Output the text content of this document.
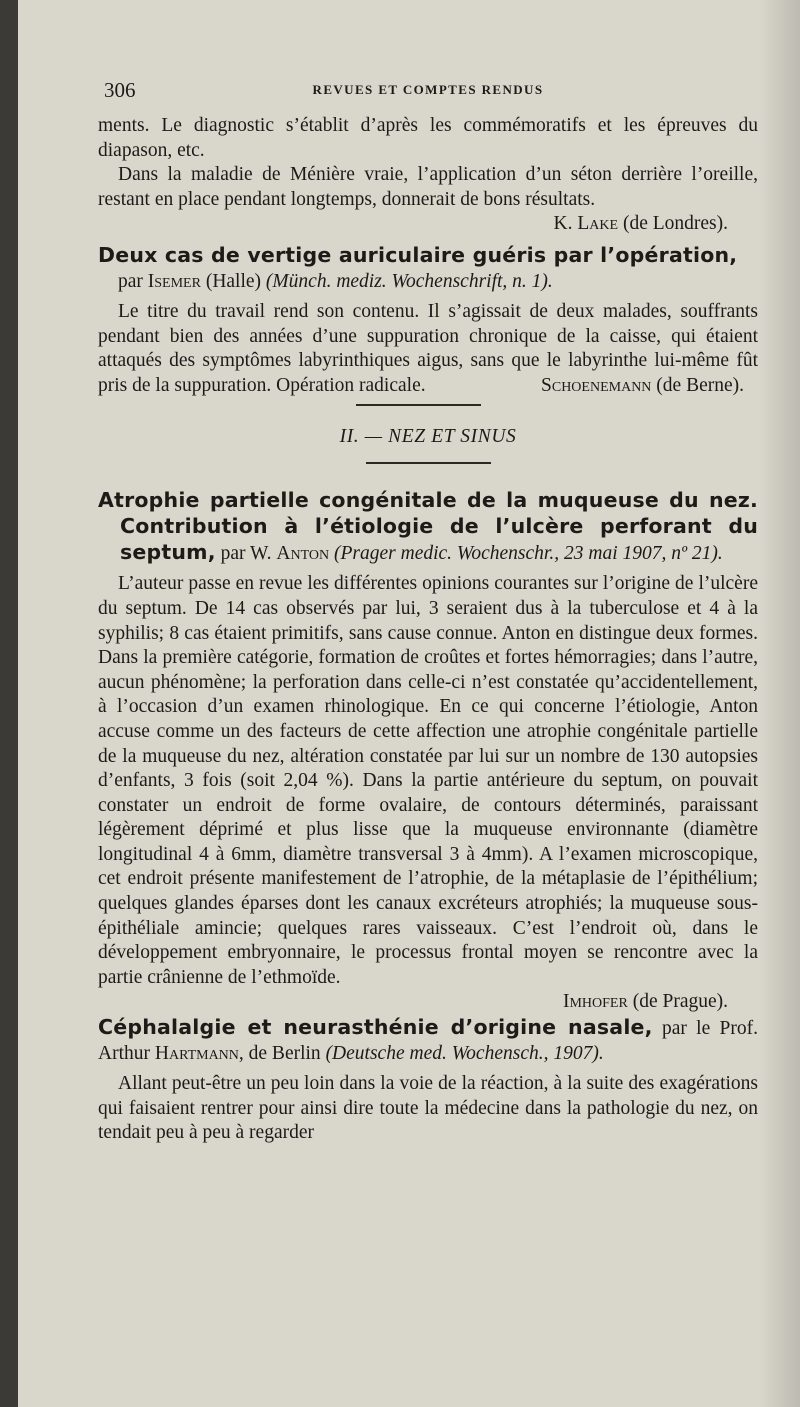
306	REVUES ET COMPTES RENDUS

ments. Le diagnostic s’établit d’après les commémoratifs et les épreuves du diapason, etc.

Dans la maladie de Ménière vraie, l’application d’un séton derrière l’oreille, restant en place pendant longtemps, donnerait de bons résultats.

K. Lake (de Londres).

Deux cas de vertige auriculaire guéris par l’opération,
par Isemer (Halle) (Münch. mediz. Wochenschrift, n. 1).

Le titre du travail rend son contenu. Il s’agissait de deux malades, souffrants pendant bien des années d’une suppuration chronique de la caisse, qui étaient attaqués des symptômes labyrinthiques aigus, sans que le labyrinthe lui-même fût pris de la suppuration. Opération radicale.	Schoenemann (de Berne).

II. — NEZ ET SINUS
Atrophie partielle congénitale de la muqueuse du nez. Contribution à l’étiologie de l’ulcère perforant du septum, par W. Anton (Prager medic. Wochenschr., 23 mai 1907, nº 21).

L’auteur passe en revue les différentes opinions courantes sur l’origine de l’ulcère du septum. De 14 cas observés par lui, 3 seraient dus à la tuberculose et 4 à la syphilis; 8 cas étaient primitifs, sans cause connue. Anton en distingue deux formes. Dans la première catégorie, formation de croûtes et fortes hémorragies; dans l’autre, aucun phénomène; la perforation dans celle-ci n’est constatée qu’accidentellement, à l’occasion d’un examen rhinologique. En ce qui concerne l’étiologie, Anton accuse comme un des facteurs de cette affection une atrophie congénitale partielle de la muqueuse du nez, altération constatée par lui sur un nombre de 130 autopsies d’enfants, 3 fois (soit 2,04 %). Dans la partie antérieure du septum, on pouvait constater un endroit de forme ovalaire, de contours déterminés, paraissant légèrement déprimé et plus lisse que la muqueuse environnante (diamètre longitudinal 4 à 6mm, diamètre transversal 3 à 4mm). A l’examen microscopique, cet endroit présente manifestement de l’atrophie, de la métaplasie de l’épithélium; quelques glandes éparses dont les canaux excréteurs atrophiés; la muqueuse sous-épithéliale amincie; quelques rares vaisseaux. C’est l’endroit où, dans le développement embryonnaire, le processus frontal moyen se rencontre avec la partie crânienne de l’ethmoïde.

Imhofer (de Prague).

Céphalalgie et neurasthénie d’origine nasale, par le Prof. Arthur Hartmann, de Berlin (Deutsche med. Wochensch., 1907).

Allant peut-être un peu loin dans la voie de la réaction, à la suite des exagérations qui faisaient rentrer pour ainsi dire toute la médecine dans la pathologie du nez, on tendait peu à peu à regarder
